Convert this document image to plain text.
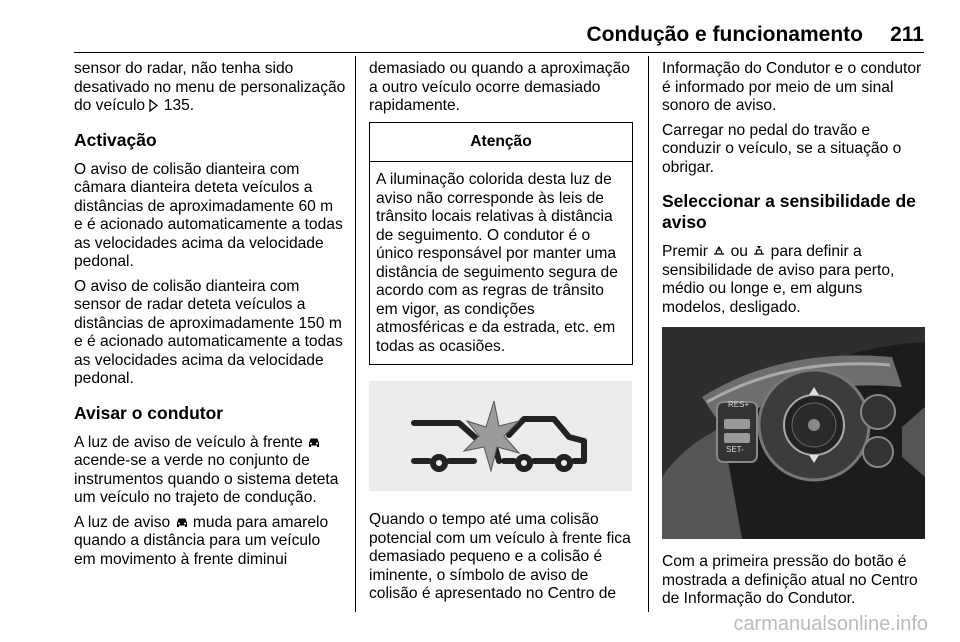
Condução e funcionamento 211

sensor do radar, não tenha sido desativado no menu de personalização do veículo 135.

Activação

O aviso de colisão dianteira com câmara dianteira deteta veículos a distâncias de aproximadamente 60 m e é acionado automaticamente a todas as velocidades acima da velocidade pedonal.

O aviso de colisão dianteira com sensor de radar deteta veículos a distâncias de aproximadamente 150 m e é acionado automaticamente a todas as velocidades acima da velocidade pedonal.

Avisar o condutor

A luz de aviso de veículo à frente  acende-se a verde no conjunto de instrumentos quando o sistema deteta um veículo no trajeto de condução.

A luz de aviso muda para amarelo quando a distância para um veículo em movimento à frente diminui

demasiado ou quando a aproximação a outro veículo ocorre demasiado rapidamente.

Atenção
A iluminação colorida desta luz de aviso não corresponde às leis de trânsito locais relativas à distância de seguimento. O condutor é o único responsável por manter uma distância de seguimento segura de acordo com as regras de trânsito em vigor, as condições atmosféricas e da estrada, etc. em todas as ocasiões.

Quando o tempo até uma colisão potencial com um veículo à frente fica demasiado pequeno e a colisão é iminente, o símbolo de aviso de colisão é apresentado no Centro de

Informação do Condutor e o condutor é informado por meio de um sinal sonoro de aviso.

Carregar no pedal do travão e conduzir o veículo, se a situação o obrigar.

Seleccionar a sensibilidade de aviso

Premir ou para definir a sensibilidade de aviso para perto, médio ou longe e, em alguns modelos, desligado.

RES+
SET-

Com a primeira pressão do botão é mostrada a definição atual no Centro de Informação do Condutor.

carmanualsonline.info
